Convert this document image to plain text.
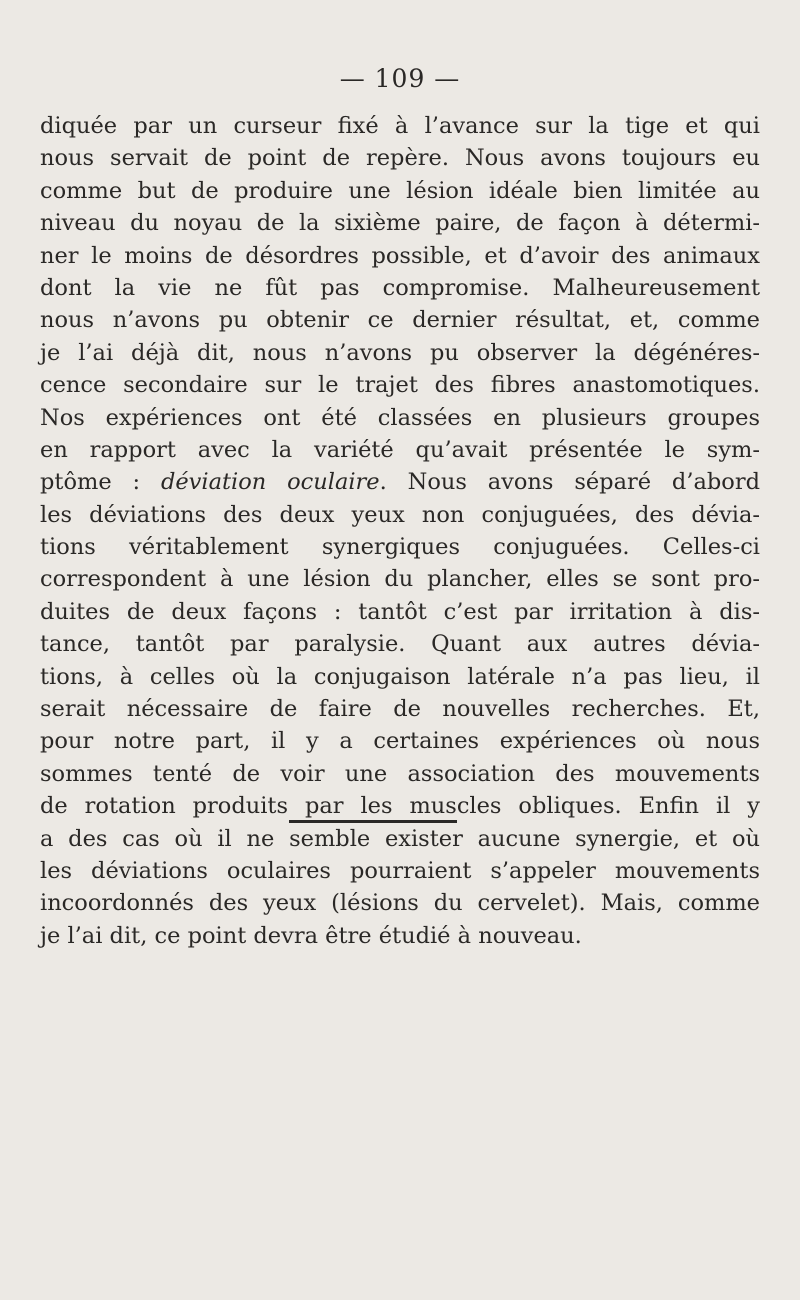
— 109 —
diquée par un curseur fixé à l’avance sur la tige et qui
nous servait de point de repère. Nous avons toujours eu
comme but de produire une lésion idéale bien limitée au
niveau du noyau de la sixième paire, de façon à détermi-
ner le moins de désordres possible, et d’avoir des animaux
dont la vie ne fût pas compromise. Malheureusement
nous n’avons pu obtenir ce dernier résultat, et, comme
je l’ai déjà dit, nous n’avons pu observer la dégénéres-
cence secondaire sur le trajet des fibres anastomotiques.
Nos expériences ont été classées en plusieurs groupes
en rapport avec la variété qu’avait présentée le sym-
ptôme : déviation oculaire. Nous avons séparé d’abord
les déviations des deux yeux non conjuguées, des dévia-
tions véritablement synergiques conjuguées. Celles-ci
correspondent à une lésion du plancher, elles se sont pro-
duites de deux façons : tantôt c’est par irritation à dis-
tance, tantôt par paralysie. Quant aux autres dévia-
tions, à celles où la conjugaison latérale n’a pas lieu, il
serait nécessaire de faire de nouvelles recherches. Et,
pour notre part, il y a certaines expériences où nous
sommes tenté de voir une association des mouvements
de rotation produits par les muscles obliques. Enfin il y
a des cas où il ne semble exister aucune synergie, et où
les déviations oculaires pourraient s’appeler mouvements
incoordonnés des yeux (lésions du cervelet). Mais, comme
je l’ai dit, ce point devra être étudié à nouveau.
